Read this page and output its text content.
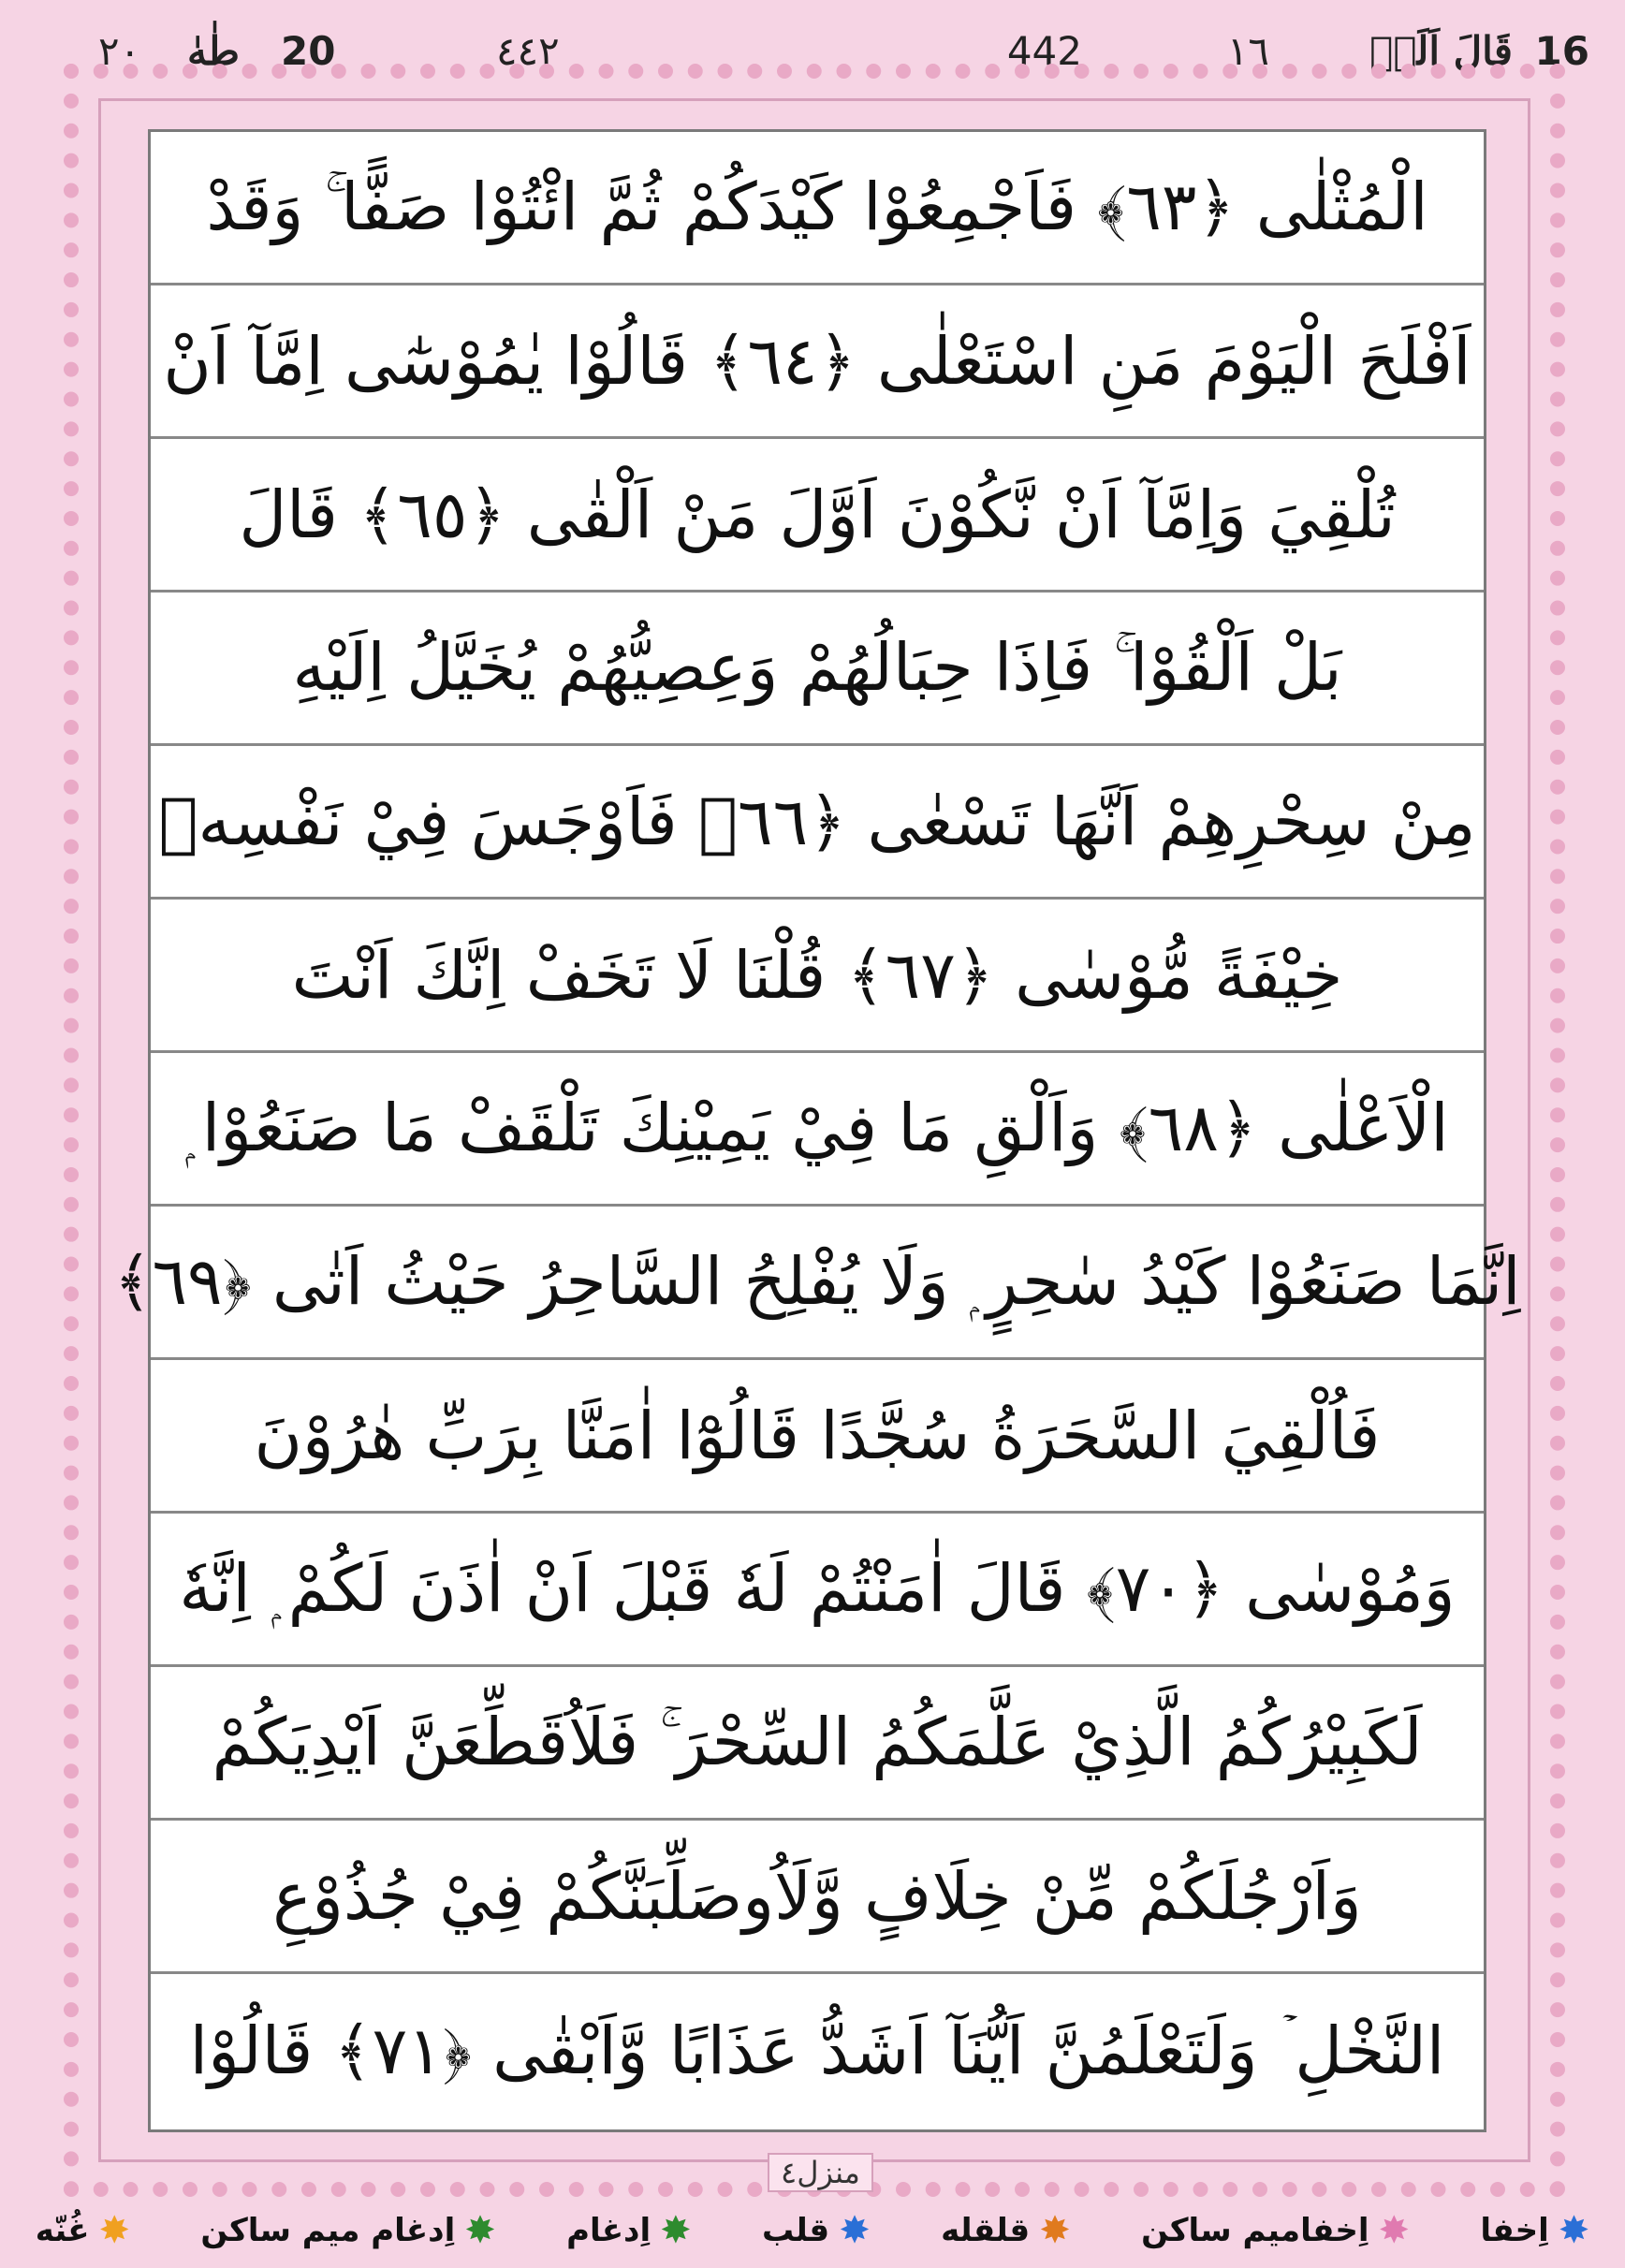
16
قَالَ اَلَمۡ
١٦
442
٤٤٢
20
طٰهٰ
٢٠
الْمُثْلٰى ﴿٦٣﴾ فَاَجْمِعُوْا كَيْدَكُمْ ثُمَّ ائْتُوْا صَفًّا ۚ وَقَدْ
اَفْلَحَ الْيَوْمَ مَنِ اسْتَعْلٰى ﴿٦٤﴾ قَالُوْا يٰمُوْسٰٓى اِمَّآ اَنْ
تُلْقِيَ وَاِمَّآ اَنْ نَّكُوْنَ اَوَّلَ مَنْ اَلْقٰى ﴿٦٥﴾ قَالَ
بَلْ اَلْقُوْا ۚ فَاِذَا حِبَالُهُمْ وَعِصِيُّهُمْ يُخَيَّلُ اِلَيْهِ
مِنْ سِحْرِهِمْ اَنَّهَا تَسْعٰى ﴿٦٦﴾ فَاَوْجَسَ فِيْ نَفْسِهٖ
خِيْفَةً مُّوْسٰى ﴿٦٧﴾ قُلْنَا لَا تَخَفْ اِنَّكَ اَنْتَ
الْاَعْلٰى ﴿٦٨﴾ وَاَلْقِ مَا فِيْ يَمِيْنِكَ تَلْقَفْ مَا صَنَعُوْا ۭ
اِنَّمَا صَنَعُوْا كَيْدُ سٰحِرٍ ۭ وَلَا يُفْلِحُ السَّاحِرُ حَيْثُ اَتٰى ﴿٦٩﴾
فَاُلْقِيَ السَّحَرَةُ سُجَّدًا قَالُوْٓا اٰمَنَّا بِرَبِّ هٰرُوْنَ
وَمُوْسٰى ﴿٧٠﴾ قَالَ اٰمَنْتُمْ لَهٗ قَبْلَ اَنْ اٰذَنَ لَكُمْ ۭ اِنَّهٗ
لَكَبِيْرُكُمُ الَّذِيْ عَلَّمَكُمُ السِّحْرَ ۚ فَلَاُقَطِّعَنَّ اَيْدِيَكُمْ
وَاَرْجُلَكُمْ مِّنْ خِلَافٍ وَّلَاُوصَلِّبَنَّكُمْ فِيْ جُذُوْعِ
النَّخْلِ ۡ وَلَتَعْلَمُنَّ اَيُّنَآ اَشَدُّ عَذَابًا وَّاَبْقٰى ﴿٧١﴾ قَالُوْا
منزل٤
✸
اِخفا
✸
اِخفامیم ساکن
✸
قلقله
✸
قلب
✸
اِدغام
✸
اِدغام میم ساکن
✸
غُنّه
